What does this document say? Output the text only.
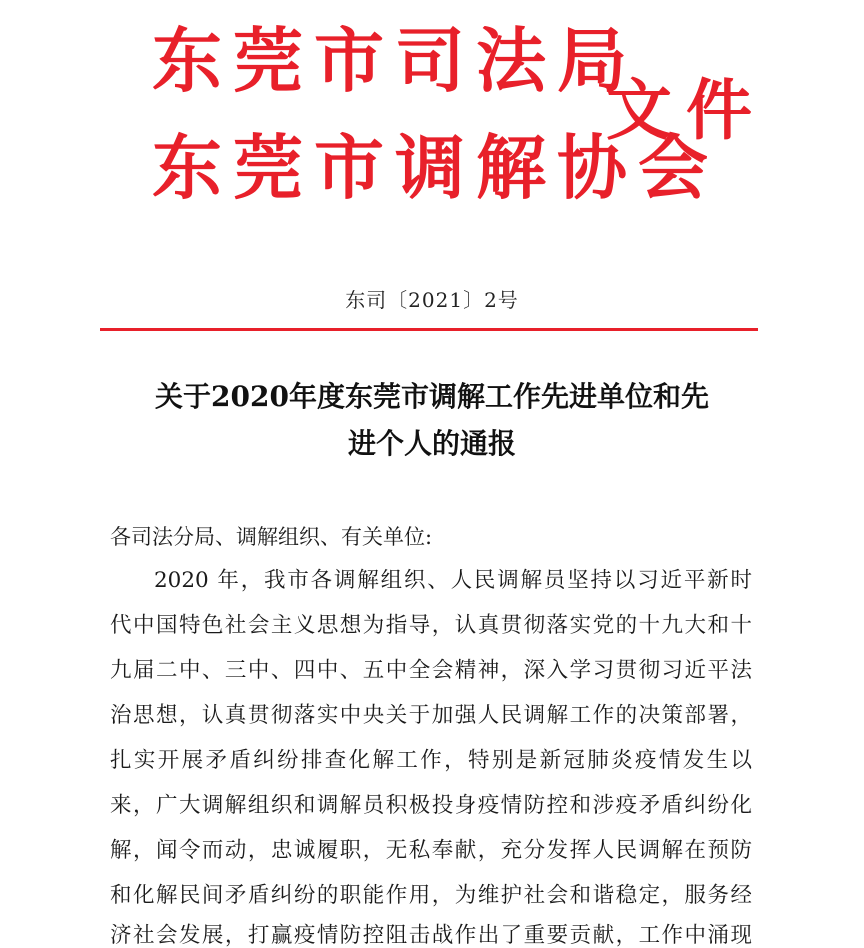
东莞市司法局
东莞市调解协会
文件
东司〔2021〕2号
关于2020年度东莞市调解工作先进单位和先
进个人的通报
各司法分局、调解组织、有关单位:
2020 年，我市各调解组织、人民调解员坚持以习近平新时
代中国特色社会主义思想为指导，认真贯彻落实党的十九大和十
九届二中、三中、四中、五中全会精神，深入学习贯彻习近平法
治思想，认真贯彻落实中央关于加强人民调解工作的决策部署，
扎实开展矛盾纠纷排查化解工作，特别是新冠肺炎疫情发生以
来，广大调解组织和调解员积极投身疫情防控和涉疫矛盾纠纷化
解，闻令而动，忠诚履职，无私奉献，充分发挥人民调解在预防
和化解民间矛盾纠纷的职能作用，为维护社会和谐稳定，服务经
济社会发展，打赢疫情防控阻击战作出了重要贡献，工作中涌现
